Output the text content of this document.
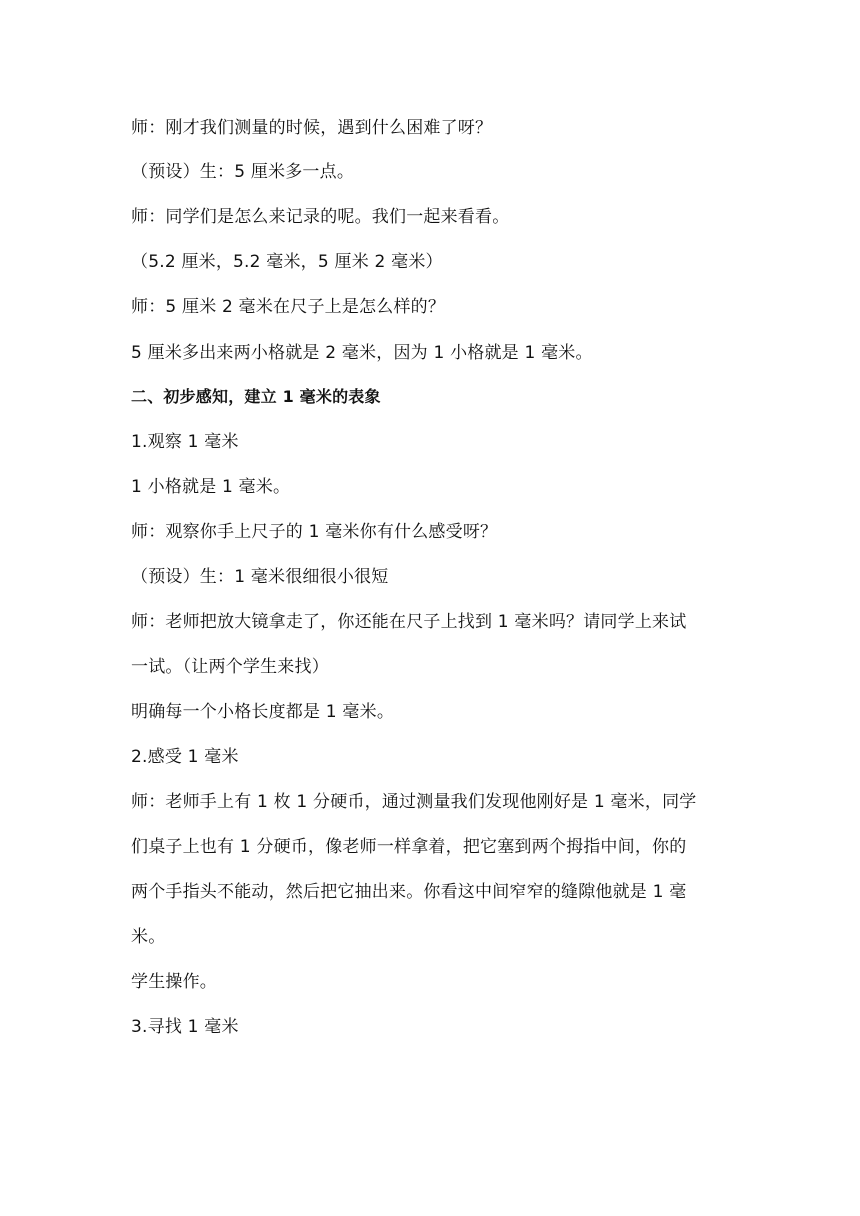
师：刚才我们测量的时候，遇到什么困难了呀？
（预设）生：5 厘米多一点。
师：同学们是怎么来记录的呢。我们一起来看看。
（5.2 厘米，5.2 毫米，5 厘米 2 毫米）
师：5 厘米 2 毫米在尺子上是怎么样的？
5 厘米多出来两小格就是 2 毫米，因为 1 小格就是 1 毫米。
二、初步感知，建立 1 毫米的表象
1.观察 1 毫米
1 小格就是 1 毫米。
师：观察你手上尺子的 1 毫米你有什么感受呀？
（预设）生：1 毫米很细很小很短
师：老师把放大镜拿走了，你还能在尺子上找到 1 毫米吗？请同学上来试
一试。（让两个学生来找）
明确每一个小格长度都是 1 毫米。
2.感受 1 毫米
师：老师手上有 1 枚 1 分硬币，通过测量我们发现他刚好是 1 毫米，同学
们桌子上也有 1 分硬币，像老师一样拿着，把它塞到两个拇指中间，你的
两个手指头不能动，然后把它抽出来。你看这中间窄窄的缝隙他就是 1 毫
米。
学生操作。
3.寻找 1 毫米
